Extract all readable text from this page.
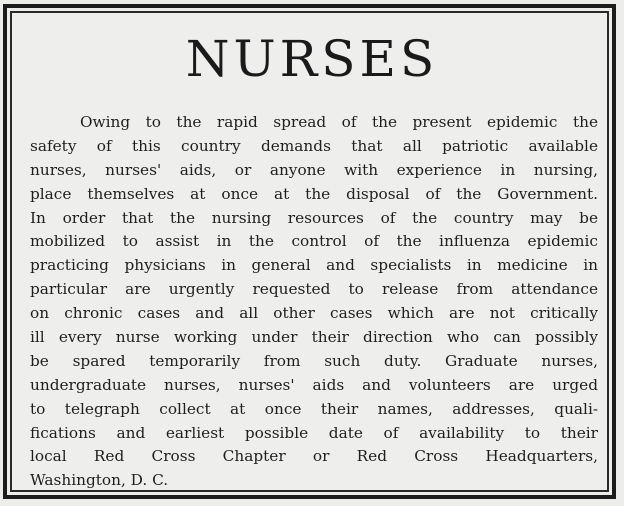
NURSES
Owing to the rapid spread of the present epidemic the
safety of this country demands that all patriotic available
nurses, nurses' aids, or anyone with experience in nursing,
place themselves at once at the disposal of the Government.
In order that the nursing resources of the country may be
mobilized to assist in the control of the influenza epidemic
practicing physicians in general and specialists in medicine in
particular are urgently requested to release from attendance
on chronic cases and all other cases which are not critically
ill every nurse working under their direction who can possibly
be spared temporarily from such duty. Graduate nurses,
undergraduate nurses, nurses' aids and volunteers are urged
to telegraph collect at once their names, addresses, quali-
fications and earliest possible date of availability to their
local Red Cross Chapter or Red Cross Headquarters,
Washington, D. C.
